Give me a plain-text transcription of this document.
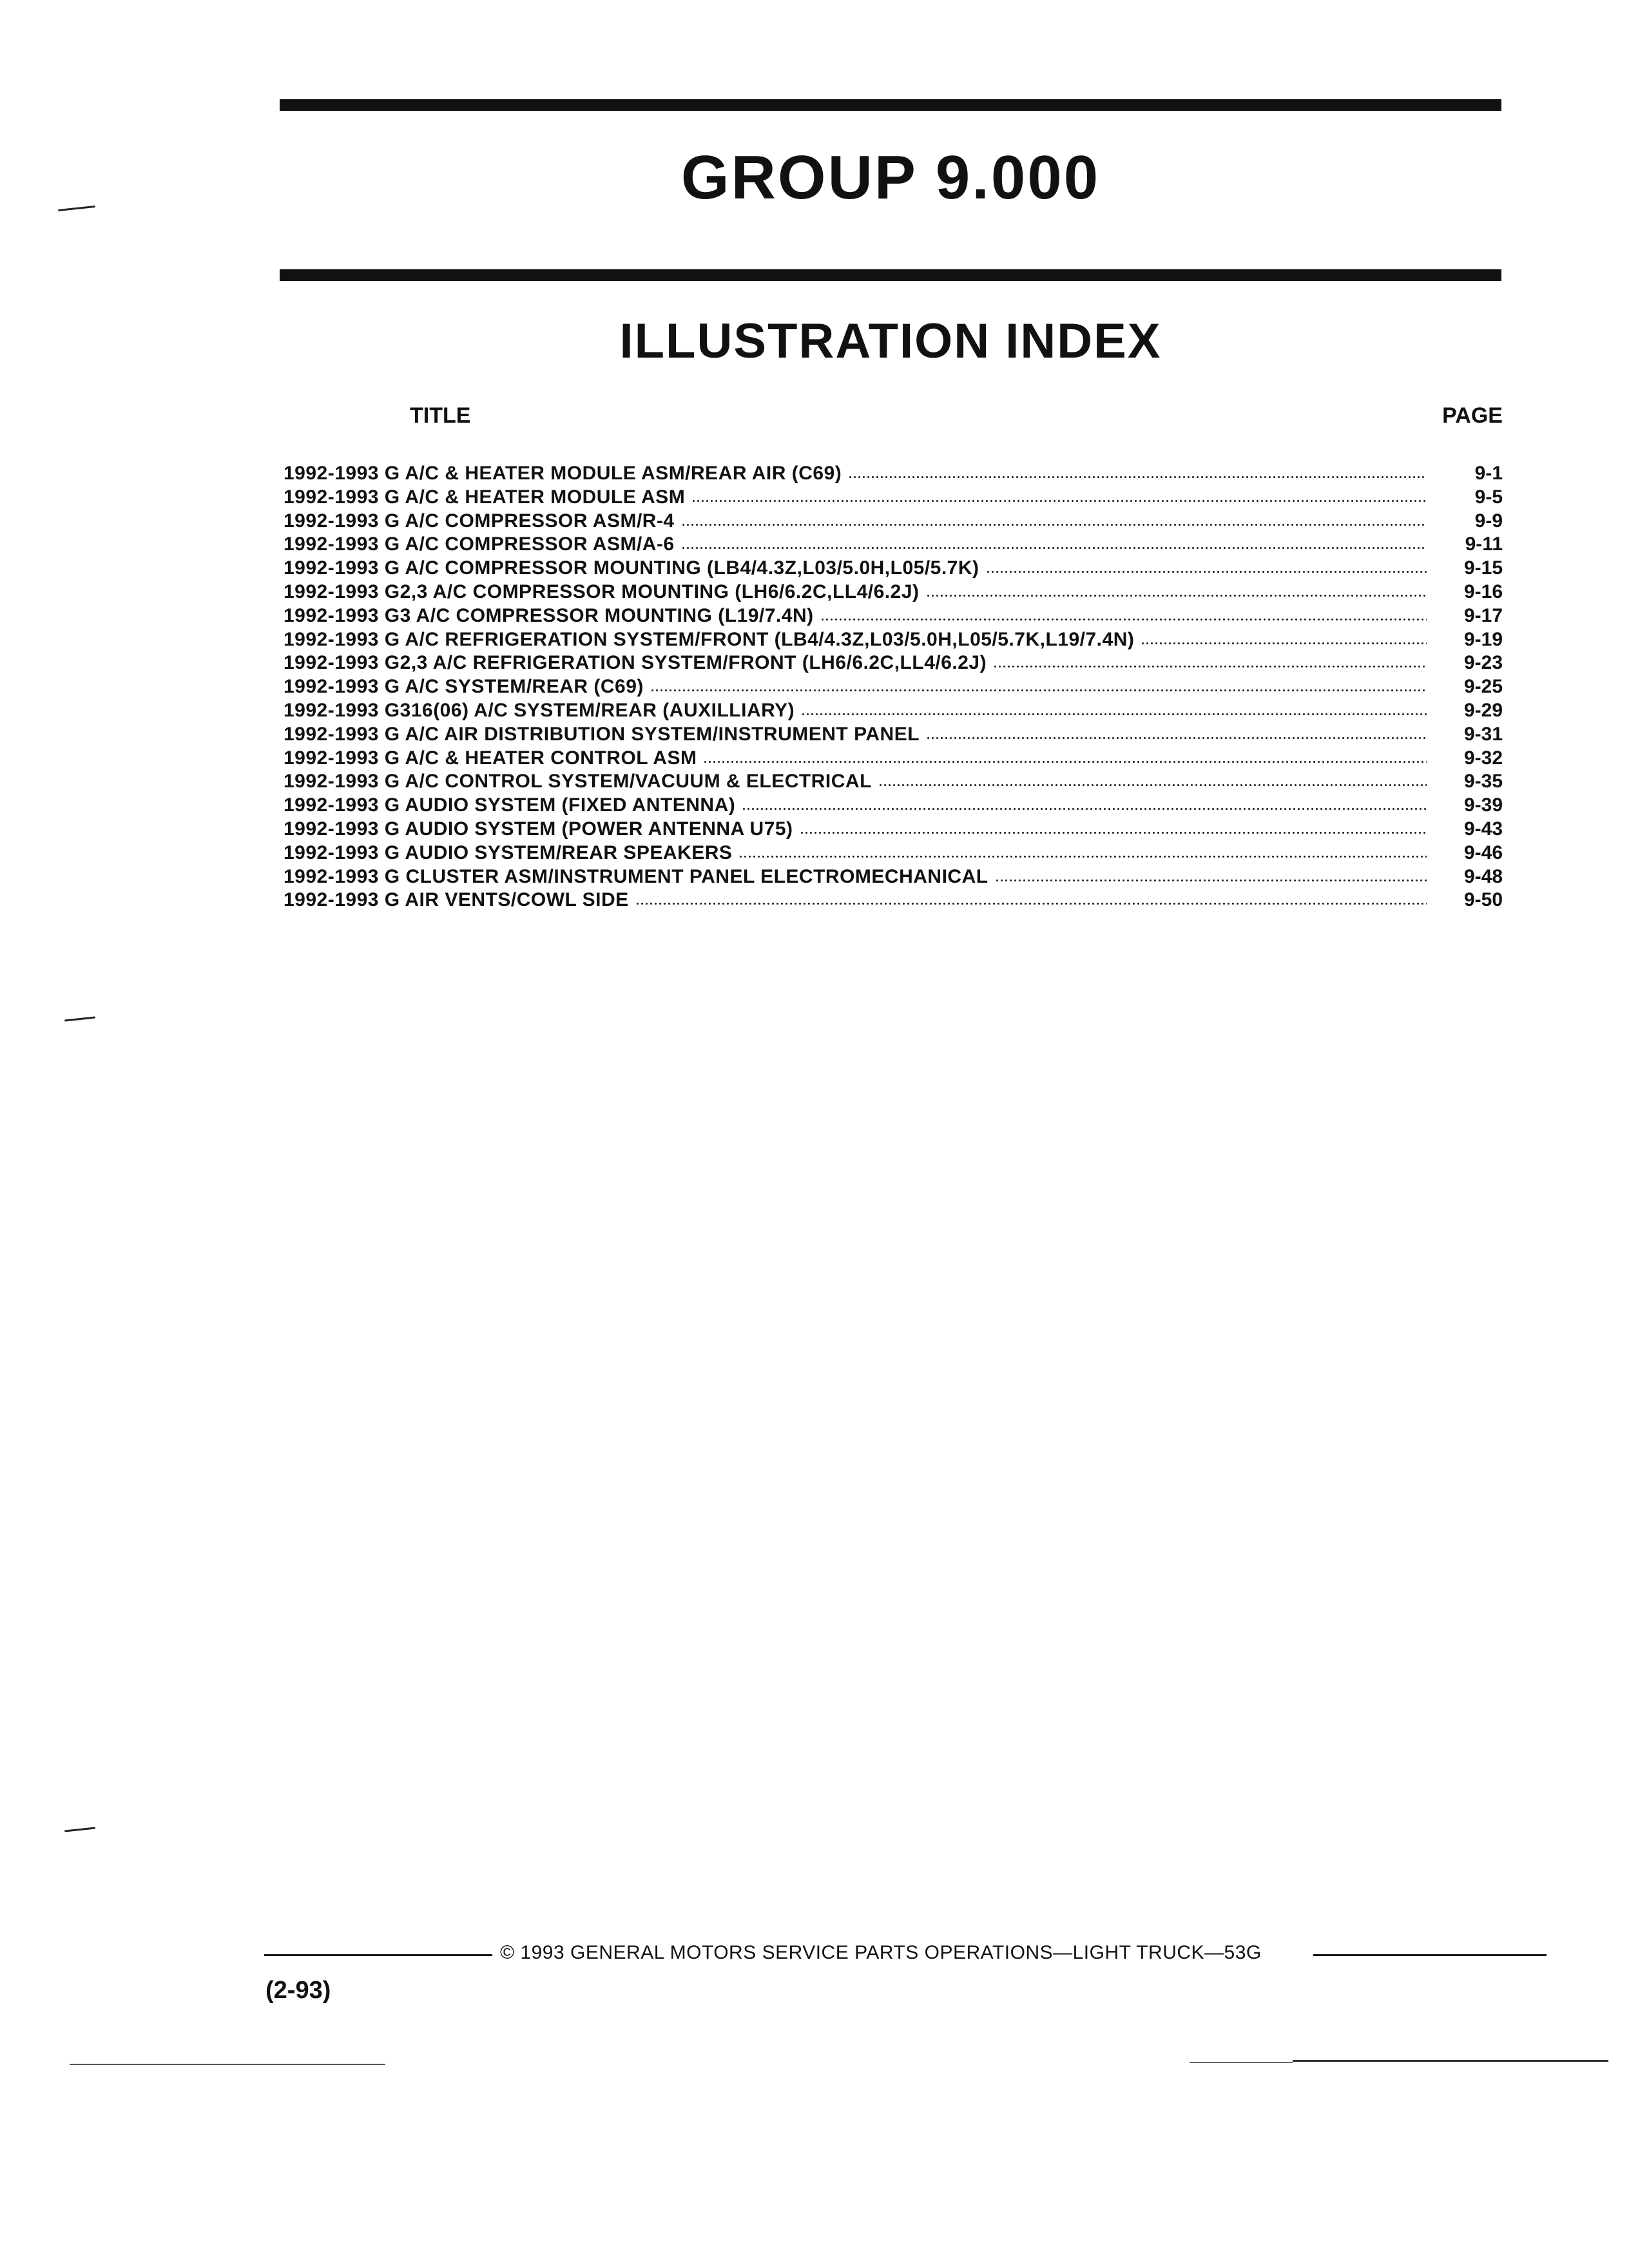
GROUP 9.000
ILLUSTRATION INDEX
TITLE	PAGE
1992-1993 G A/C & HEATER MODULE ASM/REAR AIR (C69)	9-1
1992-1993 G A/C & HEATER MODULE ASM	9-5
1992-1993 G A/C COMPRESSOR ASM/R-4	9-9
1992-1993 G A/C COMPRESSOR ASM/A-6	9-11
1992-1993 G A/C COMPRESSOR MOUNTING (LB4/4.3Z,L03/5.0H,L05/5.7K)	9-15
1992-1993 G2,3 A/C COMPRESSOR MOUNTING (LH6/6.2C,LL4/6.2J)	9-16
1992-1993 G3 A/C COMPRESSOR MOUNTING (L19/7.4N)	9-17
1992-1993 G A/C REFRIGERATION SYSTEM/FRONT (LB4/4.3Z,L03/5.0H,L05/5.7K,L19/7.4N)	9-19
1992-1993 G2,3 A/C REFRIGERATION SYSTEM/FRONT (LH6/6.2C,LL4/6.2J)	9-23
1992-1993 G A/C SYSTEM/REAR (C69)	9-25
1992-1993 G316(06) A/C SYSTEM/REAR (AUXILLIARY)	9-29
1992-1993 G A/C AIR DISTRIBUTION SYSTEM/INSTRUMENT PANEL	9-31
1992-1993 G A/C & HEATER CONTROL ASM	9-32
1992-1993 G A/C CONTROL SYSTEM/VACUUM & ELECTRICAL	9-35
1992-1993 G AUDIO SYSTEM (FIXED ANTENNA)	9-39
1992-1993 G AUDIO SYSTEM (POWER ANTENNA U75)	9-43
1992-1993 G AUDIO SYSTEM/REAR SPEAKERS	9-46
1992-1993 G CLUSTER ASM/INSTRUMENT PANEL ELECTROMECHANICAL	9-48
1992-1993 G AIR VENTS/COWL SIDE	9-50
© 1993 GENERAL MOTORS SERVICE PARTS OPERATIONS—LIGHT TRUCK—53G
(2-93)
